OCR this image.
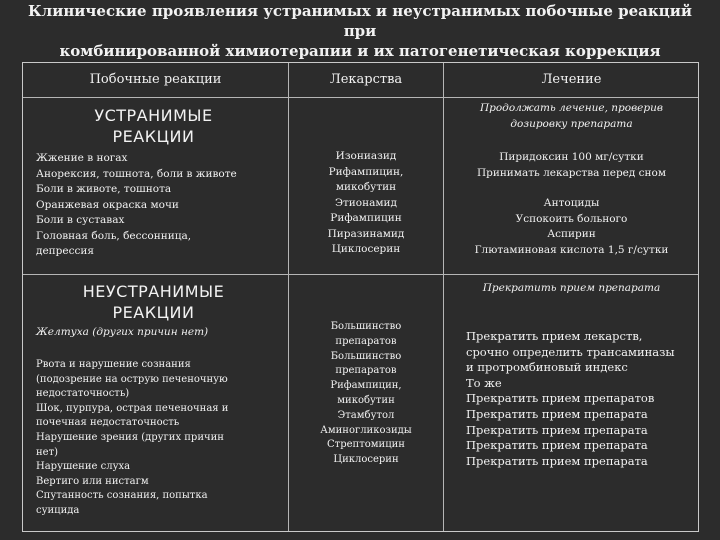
Клинические проявления устранимых и неустранимых побочные реакций при
комбинированной химиотерапии и их патогенетическая коррекция
Побочные реакции	Лекарства	Лечение
УСТРАНИМЫЕ
РЕАКЦИИ
Жжение в ногах
Анорексия, тошнота, боли в животе
Боли в животе, тошнота
Оранжевая окраска мочи
Боли в суставах
Головная боль, бессонница,
депрессия
Изониазид
Рифампицин,
микобутин
Этионамид
Рифампицин
Пиразинамид
Циклосерин
Продолжать лечение, проверив
дозировку препарата
Пиридоксин 100 мг/сутки
Принимать лекарства перед сном
Антоциды
Успокоить больного
Аспирин
Глютаминовая кислота 1,5 г/сутки
НЕУСТРАНИМЫЕ
РЕАКЦИИ
Желтуха (других причин нет)
Рвота и нарушение сознания
(подозрение на острую печеночную
недостаточность)
Шок, пурпура, острая печеночная и
почечная недостаточность
Нарушение зрения (других причин
нет)
Нарушение слуха
Вертиго или нистагм
Спутанность сознания, попытка
суицида
Большинство
препаратов
Большинство
препаратов
Рифампицин,
микобутин
Этамбутол
Аминогликозиды
Стрептомицин
Циклосерин
Прекратить прием препарата
Прекратить прием лекарств,
срочно определить трансаминазы
и протромбиновый индекс
То же
Прекратить прием препаратов
Прекратить прием препарата
Прекратить прием препарата
Прекратить прием препарата
Прекратить прием препарата
